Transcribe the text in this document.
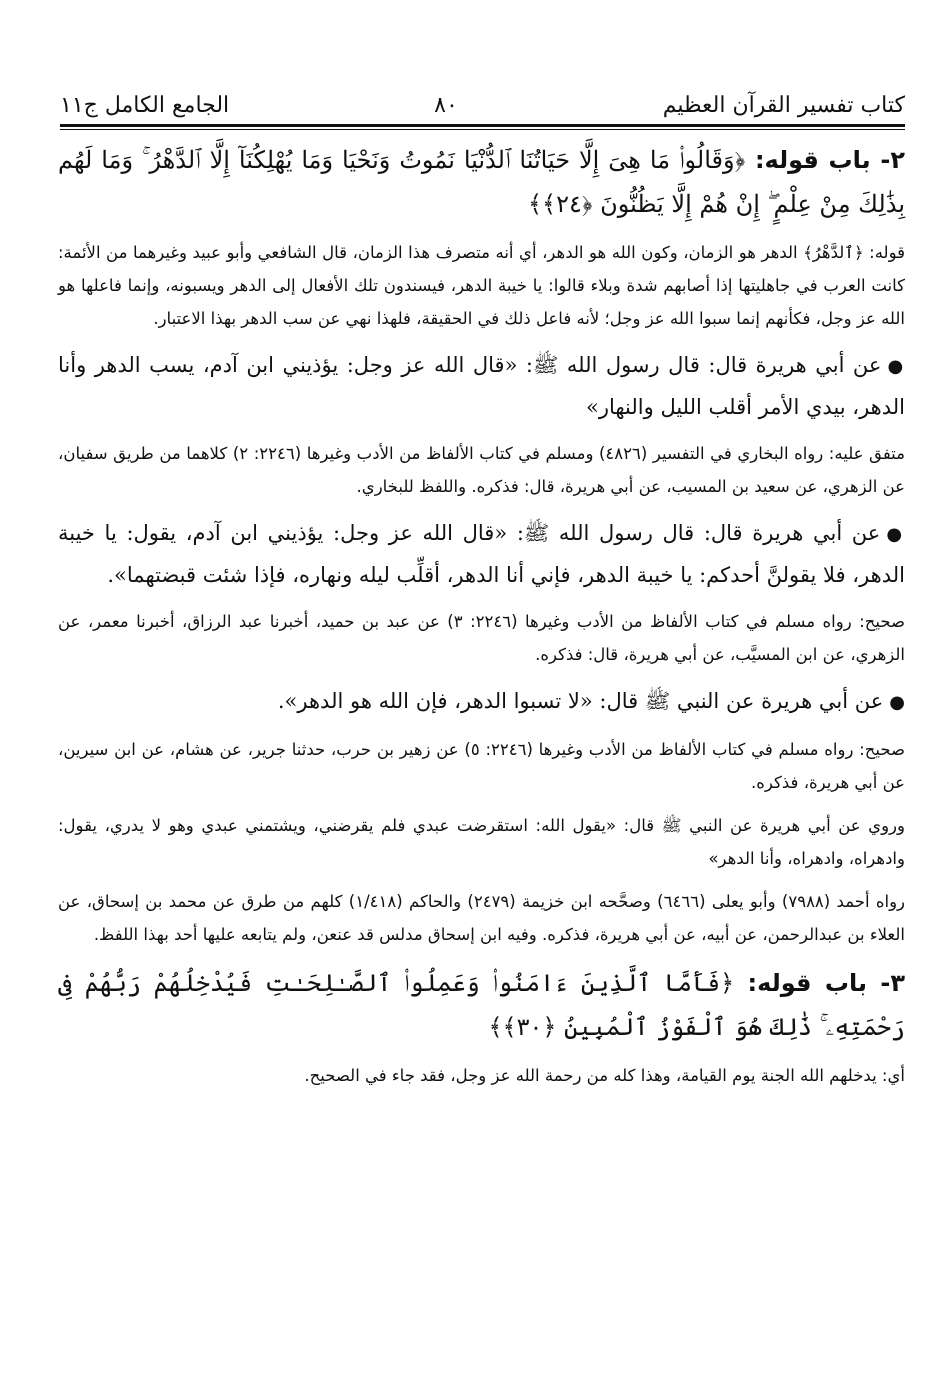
كتاب تفسير القرآن العظيم
٨٠
الجامع الكامل ج١١
٢- باب قوله: ﴿وَقَالُوا۟ مَا هِىَ إِلَّا حَيَاتُنَا ٱلدُّنْيَا نَمُوتُ وَنَحْيَا وَمَا يُهْلِكُنَآ إِلَّا ٱلدَّهْرُ ۚ وَمَا لَهُم بِذَٰلِكَ مِنْ عِلْمٍ ۖ إِنْ هُمْ إِلَّا يَظُنُّونَ ﴿٢٤﴾﴾

قوله: ﴿ٱلدَّهْرُ﴾ الدهر هو الزمان، وكون الله هو الدهر، أي أنه متصرف هذا الزمان، قال الشافعي وأبو عبيد وغيرهما من الأئمة: كانت العرب في جاهليتها إذا أصابهم شدة وبلاء قالوا: يا خيبة الدهر، فيسندون تلك الأفعال إلى الدهر ويسبونه، وإنما فاعلها هو الله عز وجل، فكأنهم إنما سبوا الله عز وجل؛ لأنه فاعل ذلك في الحقيقة، فلهذا نهي عن سب الدهر بهذا الاعتبار.

●عن أبي هريرة قال: قال رسول الله ﷺ: «قال الله عز وجل: يؤذيني ابن آدم، يسب الدهر وأنا الدهر، بيدي الأمر أقلب الليل والنهار»

متفق عليه: رواه البخاري في التفسير (٤٨٢٦) ومسلم في كتاب الألفاظ من الأدب وغيرها (٢٢٤٦: ٢) كلاهما من طريق سفيان، عن الزهري، عن سعيد بن المسيب، عن أبي هريرة، قال: فذكره. واللفظ للبخاري.

●عن أبي هريرة قال: قال رسول الله ﷺ: «قال الله عز وجل: يؤذيني ابن آدم، يقول: يا خيبة الدهر، فلا يقولنَّ أحدكم: يا خيبة الدهر، فإني أنا الدهر، أقلِّب ليله ونهاره، فإذا شئت قبضتهما».

صحيح: رواه مسلم في كتاب الألفاظ من الأدب وغيرها (٢٢٤٦: ٣) عن عبد بن حميد، أخبرنا عبد الرزاق، أخبرنا معمر، عن الزهري، عن ابن المسيَّب، عن أبي هريرة، قال: فذكره.

●عن أبي هريرة عن النبي ﷺ قال: «لا تسبوا الدهر، فإن الله هو الدهر».

صحيح: رواه مسلم في كتاب الألفاظ من الأدب وغيرها (٢٢٤٦: ٥) عن زهير بن حرب، حدثنا جرير، عن هشام، عن ابن سيرين، عن أبي هريرة، فذكره.

وروي عن أبي هريرة عن النبي ﷺ قال: «يقول الله: استقرضت عبدي فلم يقرضني، ويشتمني عبدي وهو لا يدري، يقول: وادهراه، وادهراه، وأنا الدهر»

رواه أحمد (٧٩٨٨) وأبو يعلى (٦٤٦٦) وصحَّحه ابن خزيمة (٢٤٧٩) والحاكم (١/٤١٨) كلهم من طرق عن محمد بن إسحاق، عن العلاء بن عبدالرحمن، عن أبيه، عن أبي هريرة، فذكره. وفيه ابن إسحاق مدلس قد عنعن، ولم يتابعه عليها أحد بهذا اللفظ.

٣- باب قوله: ﴿فَأَمَّا ٱلَّذِينَ ءَامَنُوا۟ وَعَمِلُوا۟ ٱلصَّـٰلِحَـٰتِ فَيُدْخِلُهُمْ رَبُّهُمْ فِى رَحْمَتِهِۦ ۚ ذَٰلِكَ هُوَ ٱلْفَوْزُ ٱلْمُبِينُ ﴿٣٠﴾﴾

أي: يدخلهم الله الجنة يوم القيامة، وهذا كله من رحمة الله عز وجل، فقد جاء في الصحيح.
